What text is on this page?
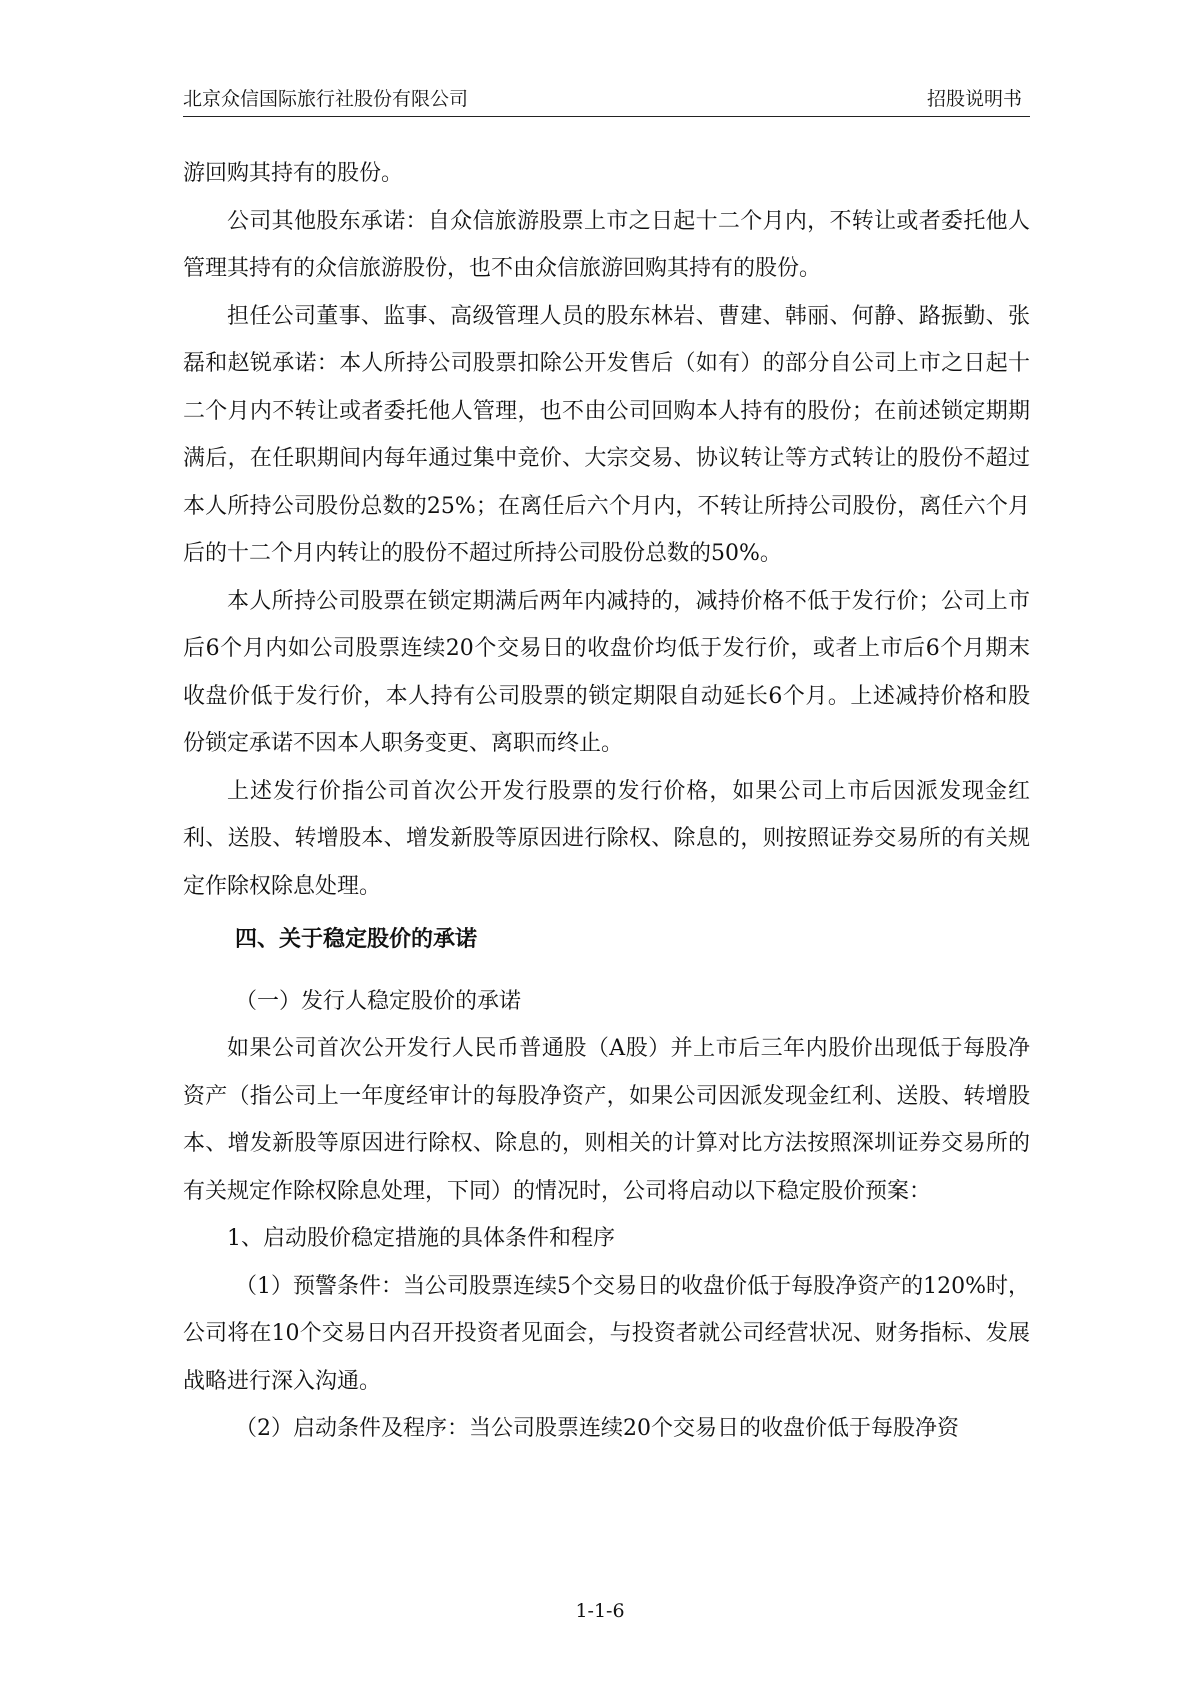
北京众信国际旅行社股份有限公司	招股说明书

游回购其持有的股份。

公司其他股东承诺：自众信旅游股票上市之日起十二个月内，不转让或者委托他人管理其持有的众信旅游股份，也不由众信旅游回购其持有的股份。

担任公司董事、监事、高级管理人员的股东林岩、曹建、韩丽、何静、路振勤、张磊和赵锐承诺：本人所持公司股票扣除公开发售后（如有）的部分自公司上市之日起十二个月内不转让或者委托他人管理，也不由公司回购本人持有的股份；在前述锁定期期满后，在任职期间内每年通过集中竞价、大宗交易、协议转让等方式转让的股份不超过本人所持公司股份总数的25%；在离任后六个月内，不转让所持公司股份，离任六个月后的十二个月内转让的股份不超过所持公司股份总数的50%。

本人所持公司股票在锁定期满后两年内减持的，减持价格不低于发行价；公司上市后6个月内如公司股票连续20个交易日的收盘价均低于发行价，或者上市后6个月期末收盘价低于发行价，本人持有公司股票的锁定期限自动延长6个月。上述减持价格和股份锁定承诺不因本人职务变更、离职而终止。

上述发行价指公司首次公开发行股票的发行价格，如果公司上市后因派发现金红利、送股、转增股本、增发新股等原因进行除权、除息的，则按照证券交易所的有关规定作除权除息处理。

四、关于稳定股价的承诺

（一）发行人稳定股价的承诺

如果公司首次公开发行人民币普通股（A股）并上市后三年内股价出现低于每股净资产（指公司上一年度经审计的每股净资产，如果公司因派发现金红利、送股、转增股本、增发新股等原因进行除权、除息的，则相关的计算对比方法按照深圳证券交易所的有关规定作除权除息处理，下同）的情况时，公司将启动以下稳定股价预案：

1、启动股价稳定措施的具体条件和程序

（1）预警条件：当公司股票连续5个交易日的收盘价低于每股净资产的120%时，公司将在10个交易日内召开投资者见面会，与投资者就公司经营状况、财务指标、发展战略进行深入沟通。

（2）启动条件及程序：当公司股票连续20个交易日的收盘价低于每股净资

1-1-6
